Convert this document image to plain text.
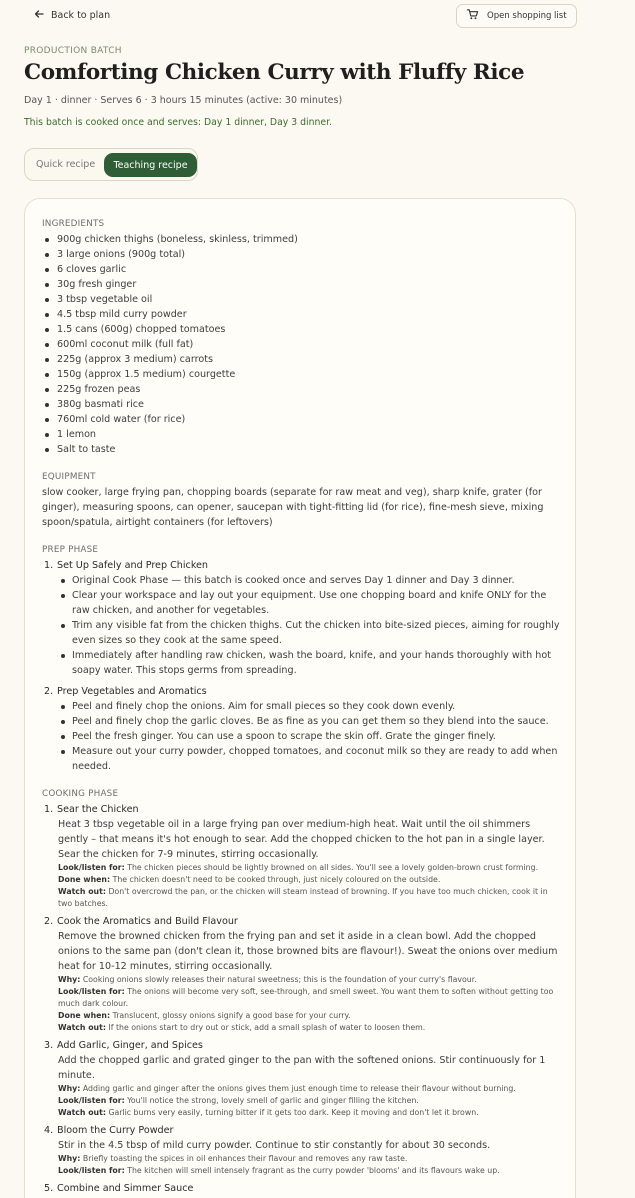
Back to plan	Open shopping list
PRODUCTION BATCH
Comforting Chicken Curry with Fluffy Rice
Day 1 · dinner · Serves 6 · 3 hours 15 minutes (active: 30 minutes)
This batch is cooked once and serves: Day 1 dinner, Day 3 dinner.
Quick recipe	Teaching recipe
INGREDIENTS
900g chicken thighs (boneless, skinless, trimmed)
3 large onions (900g total)
6 cloves garlic
30g fresh ginger
3 tbsp vegetable oil
4.5 tbsp mild curry powder
1.5 cans (600g) chopped tomatoes
600ml coconut milk (full fat)
225g (approx 3 medium) carrots
150g (approx 1.5 medium) courgette
225g frozen peas
380g basmati rice
760ml cold water (for rice)
1 lemon
Salt to taste
EQUIPMENT
slow cooker, large frying pan, chopping boards (separate for raw meat and veg), sharp knife, grater (for ginger), measuring spoons, can opener, saucepan with tight-fitting lid (for rice), fine-mesh sieve, mixing spoon/spatula, airtight containers (for leftovers)
PREP PHASE
1. Set Up Safely and Prep Chicken
Original Cook Phase — this batch is cooked once and serves Day 1 dinner and Day 3 dinner.
Clear your workspace and lay out your equipment. Use one chopping board and knife ONLY for the raw chicken, and another for vegetables.
Trim any visible fat from the chicken thighs. Cut the chicken into bite-sized pieces, aiming for roughly even sizes so they cook at the same speed.
Immediately after handling raw chicken, wash the board, knife, and your hands thoroughly with hot soapy water. This stops germs from spreading.
2. Prep Vegetables and Aromatics
Peel and finely chop the onions. Aim for small pieces so they cook down evenly.
Peel and finely chop the garlic cloves. Be as fine as you can get them so they blend into the sauce.
Peel the fresh ginger. You can use a spoon to scrape the skin off. Grate the ginger finely.
Measure out your curry powder, chopped tomatoes, and coconut milk so they are ready to add when needed.
COOKING PHASE
1. Sear the Chicken
Heat 3 tbsp vegetable oil in a large frying pan over medium-high heat. Wait until the oil shimmers gently – that means it's hot enough to sear. Add the chopped chicken to the hot pan in a single layer. Sear the chicken for 7-9 minutes, stirring occasionally.
Look/listen for: The chicken pieces should be lightly browned on all sides. You'll see a lovely golden-brown crust forming.
Done when: The chicken doesn't need to be cooked through, just nicely coloured on the outside.
Watch out: Don't overcrowd the pan, or the chicken will steam instead of browning. If you have too much chicken, cook it in two batches.
2. Cook the Aromatics and Build Flavour
Remove the browned chicken from the frying pan and set it aside in a clean bowl. Add the chopped onions to the same pan (don't clean it, those browned bits are flavour!). Sweat the onions over medium heat for 10-12 minutes, stirring occasionally.
Why: Cooking onions slowly releases their natural sweetness; this is the foundation of your curry's flavour.
Look/listen for: The onions will become very soft, see-through, and smell sweet. You want them to soften without getting too much dark colour.
Done when: Translucent, glossy onions signify a good base for your curry.
Watch out: If the onions start to dry out or stick, add a small splash of water to loosen them.
3. Add Garlic, Ginger, and Spices
Add the chopped garlic and grated ginger to the pan with the softened onions. Stir continuously for 1 minute.
Why: Adding garlic and ginger after the onions gives them just enough time to release their flavour without burning.
Look/listen for: You'll notice the strong, lovely smell of garlic and ginger filling the kitchen.
Watch out: Garlic burns very easily, turning bitter if it gets too dark. Keep it moving and don't let it brown.
4. Bloom the Curry Powder
Stir in the 4.5 tbsp of mild curry powder. Continue to stir constantly for about 30 seconds.
Why: Briefly toasting the spices in oil enhances their flavour and removes any raw taste.
Look/listen for: The kitchen will smell intensely fragrant as the curry powder 'blooms' and its flavours wake up.
5. Combine and Simmer Sauce
